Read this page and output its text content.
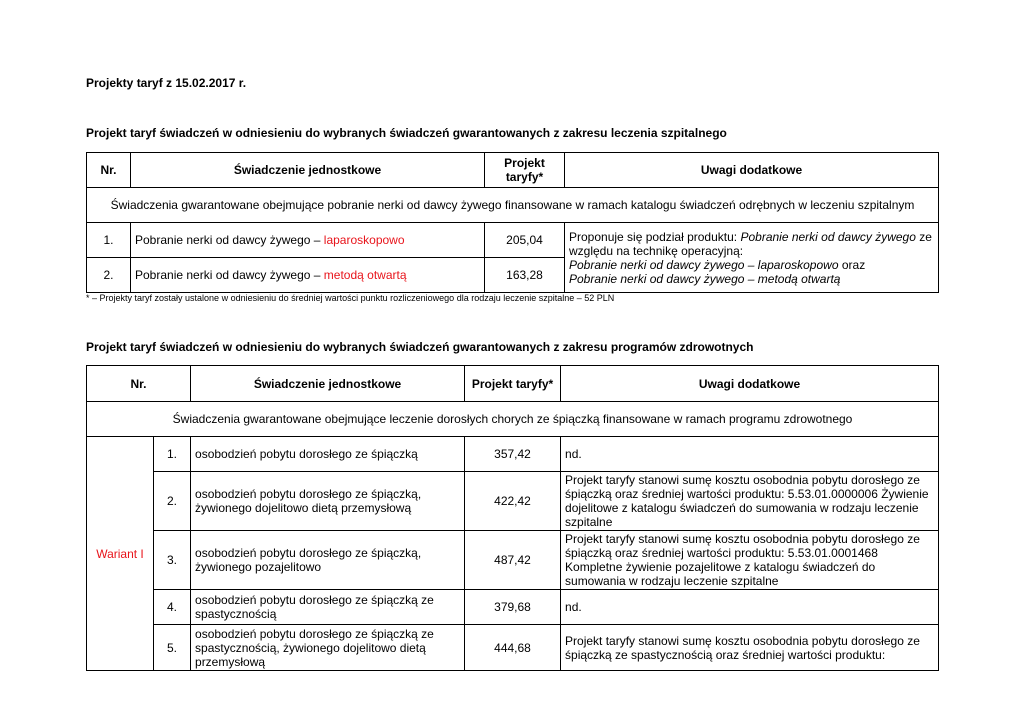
Projekty taryf z 15.02.2017 r.
Projekt taryf świadczeń w odniesieniu do wybranych świadczeń gwarantowanych z zakresu leczenia szpitalnego
Nr.	Świadczenie jednostkowe	Projekt taryfy*	Uwagi dodatkowe
Świadczenia gwarantowane obejmujące pobranie nerki od dawcy żywego finansowane w ramach katalogu świadczeń odrębnych w leczeniu szpitalnym			
1.	Pobranie nerki od dawcy żywego – laparoskopowo	205,04	Proponuje się podział produktu: Pobranie nerki od dawcy żywego ze względu na technikę operacyjną:
Pobranie nerki od dawcy żywego – laparoskopowo oraz
Pobranie nerki od dawcy żywego – metodą otwartą
2.	Pobranie nerki od dawcy żywego – metodą otwartą	163,28	
* – Projekty taryf zostały ustalone w odniesieniu do średniej wartości punktu rozliczeniowego dla rodzaju leczenie szpitalne – 52 PLN
Projekt taryf świadczeń w odniesieniu do wybranych świadczeń gwarantowanych z zakresu programów zdrowotnych
Nr.		Świadczenie jednostkowe	Projekt taryfy*	Uwagi dodatkowe
Świadczenia gwarantowane obejmujące leczenie dorosłych chorych ze śpiączką finansowane w ramach programu zdrowotnego				
Wariant I	1.	osobodzień pobytu dorosłego ze śpiączką	357,42	nd.
	2.	osobodzień pobytu dorosłego ze śpiączką, żywionego dojelitowo dietą przemysłową	422,42	Projekt taryfy stanowi sumę kosztu osobodnia pobytu dorosłego ze śpiączką oraz średniej wartości produktu: 5.53.01.0000006 Żywienie dojelitowe z katalogu świadczeń do sumowania w rodzaju leczenie szpitalne
	3.	osobodzień pobytu dorosłego ze śpiączką, żywionego pozajelitowo	487,42	Projekt taryfy stanowi sumę kosztu osobodnia pobytu dorosłego ze śpiączką oraz średniej wartości produktu: 5.53.01.0001468 Kompletne żywienie pozajelitowe z katalogu świadczeń do sumowania w rodzaju leczenie szpitalne
	4.	osobodzień pobytu dorosłego ze śpiączką ze spastycznością	379,68	nd.
	5.	osobodzień pobytu dorosłego ze śpiączką ze spastycznością, żywionego dojelitowo dietą przemysłową	444,68	Projekt taryfy stanowi sumę kosztu osobodnia pobytu dorosłego ze śpiączką ze spastycznością oraz średniej wartości produktu:
